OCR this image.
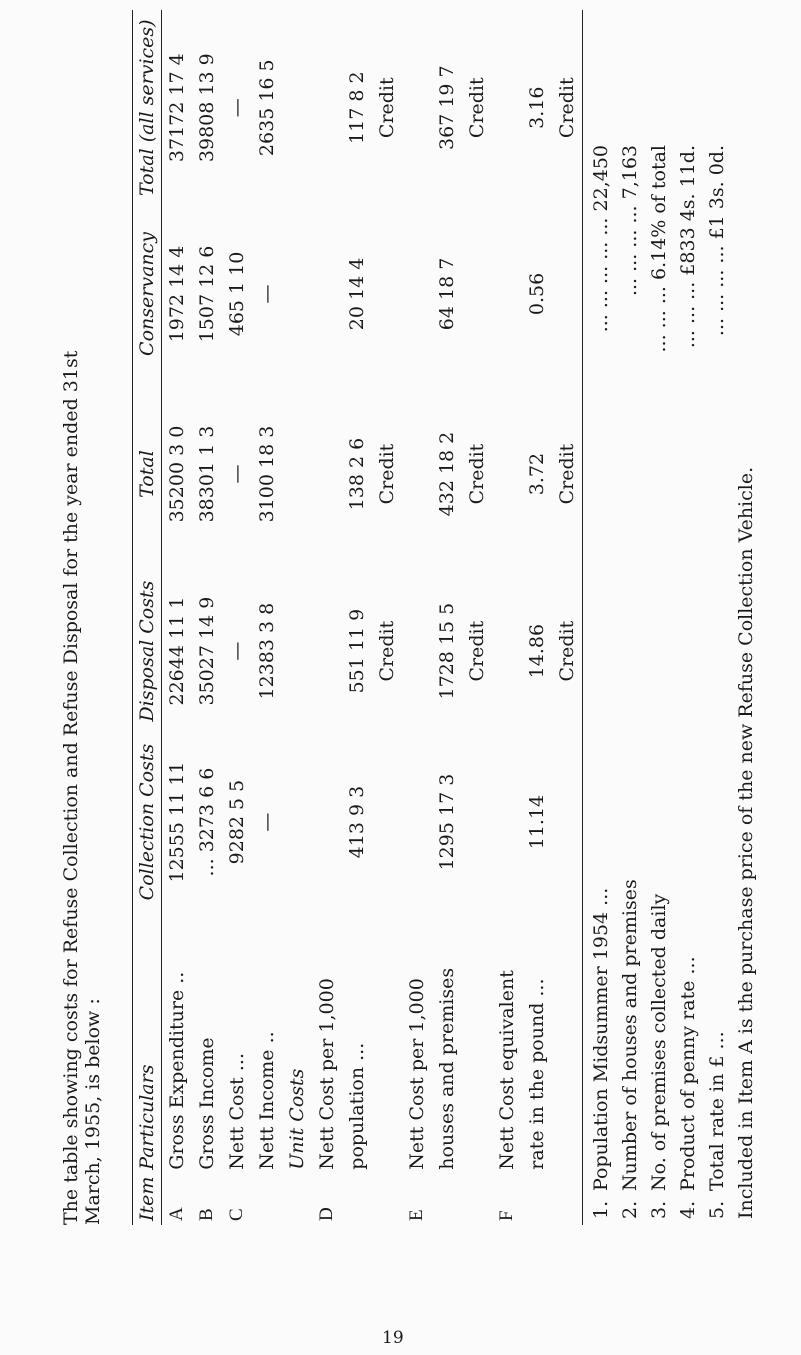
The table showing costs for Refuse Collection and Refuse Disposal for the year ended 31st March, 1955, is below : Item	Particulars	Collection Costs	Disposal Costs	Total	Conservancy	Total (all services)
A	Gross Expenditure ..	12555 11 11	22644 11 1	35200 3 0	1972 14 4	37172 17 4
B	Gross Income	... 3273 6 6	35027 14 9	38301 1 3	1507 12 6	39808 13 9
C	Nett Cost ...	9282 5 5	—	—	465 1 10	—
	Nett Income ..	—	12383 3 8	3100 18 3	—	2635 16 5
	Unit Costs					
D	Nett Cost per 1,000					
	population ...	413 9 3	551 11 9	138 2 6	20 14 4	117 8 2
			Credit	Credit		Credit
E	Nett Cost per 1,000					
	houses and premises	1295 17 3	1728 15 5	432 18 2	64 18 7	367 19 7
			Credit	Credit		Credit
F	Nett Cost equivalent					
	rate in the pound ...	11.14	14.86	3.72	0.56	3.16
			Credit	Credit		Credit
1.
Population Midsummer 1954 ...
... ... ... ... ... 22,450
2.
Number of houses and premises
... ... ... ... 7,163
3.
No. of premises collected daily
... ... ... 6.14% of total
4.
Product of penny rate ...
... ... ... £833 4s. 11d.
5.
Total rate in £ ...
... ... ... ... £1 3s. 0d.
Included in Item A is the purchase price of the new Refuse Collection Vehicle.
19
